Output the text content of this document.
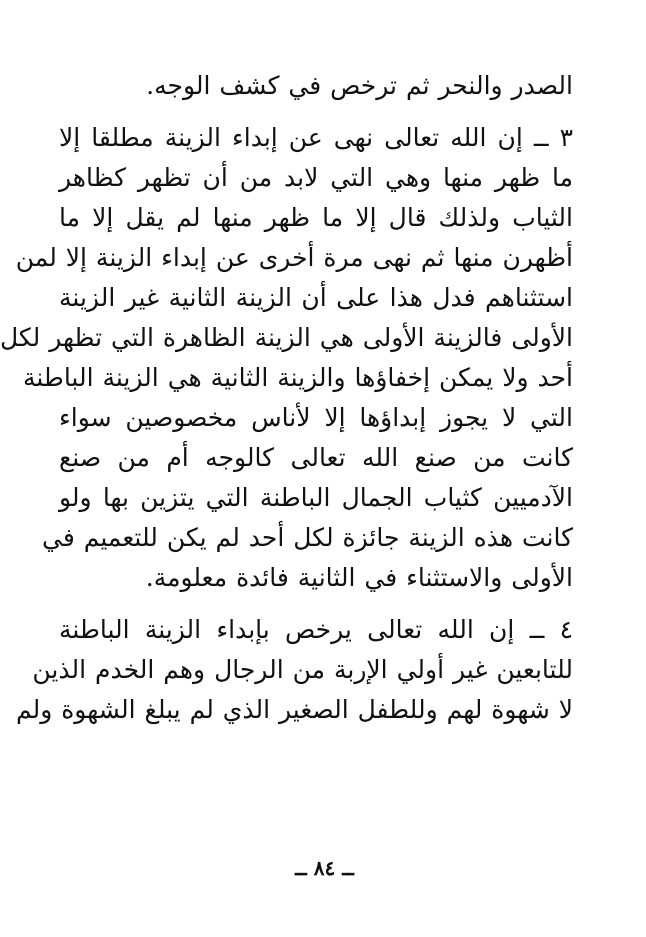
الصدر والنحر ثم ترخص في كشف الوجه.

٣ ــ إن الله تعالى نهى عن إبداء الزينة مطلقا إلا
ما ظهر منها وهي التي لابد من أن تظهر كظاهر
الثياب ولذلك قال إلا ما ظهر منها لم يقل إلا ما
أظهرن منها ثم نهى مرة أخرى عن إبداء الزينة إلا لمن
استثناهم فدل هذا على أن الزينة الثانية غير الزينة
الأولى فالزينة الأولى هي الزينة الظاهرة التي تظهر لكل
أحد ولا يمكن إخفاؤها والزينة الثانية هي الزينة الباطنة
التي لا يجوز إبداؤها إلا لأناس مخصوصين سواء
كانت من صنع الله تعالى كالوجه أم من صنع
الآدميين كثياب الجمال الباطنة التي يتزين بها ولو
كانت هذه الزينة جائزة لكل أحد لم يكن للتعميم في
الأولى والاستثناء في الثانية فائدة معلومة.

٤ ــ إن الله تعالى يرخص بإبداء الزينة الباطنة
للتابعين غير أولي الإربة من الرجال وهم الخدم الذين
لا شهوة لهم وللطفل الصغير الذي لم يبلغ الشهوة ولم

ــ ٨٤ ــ
